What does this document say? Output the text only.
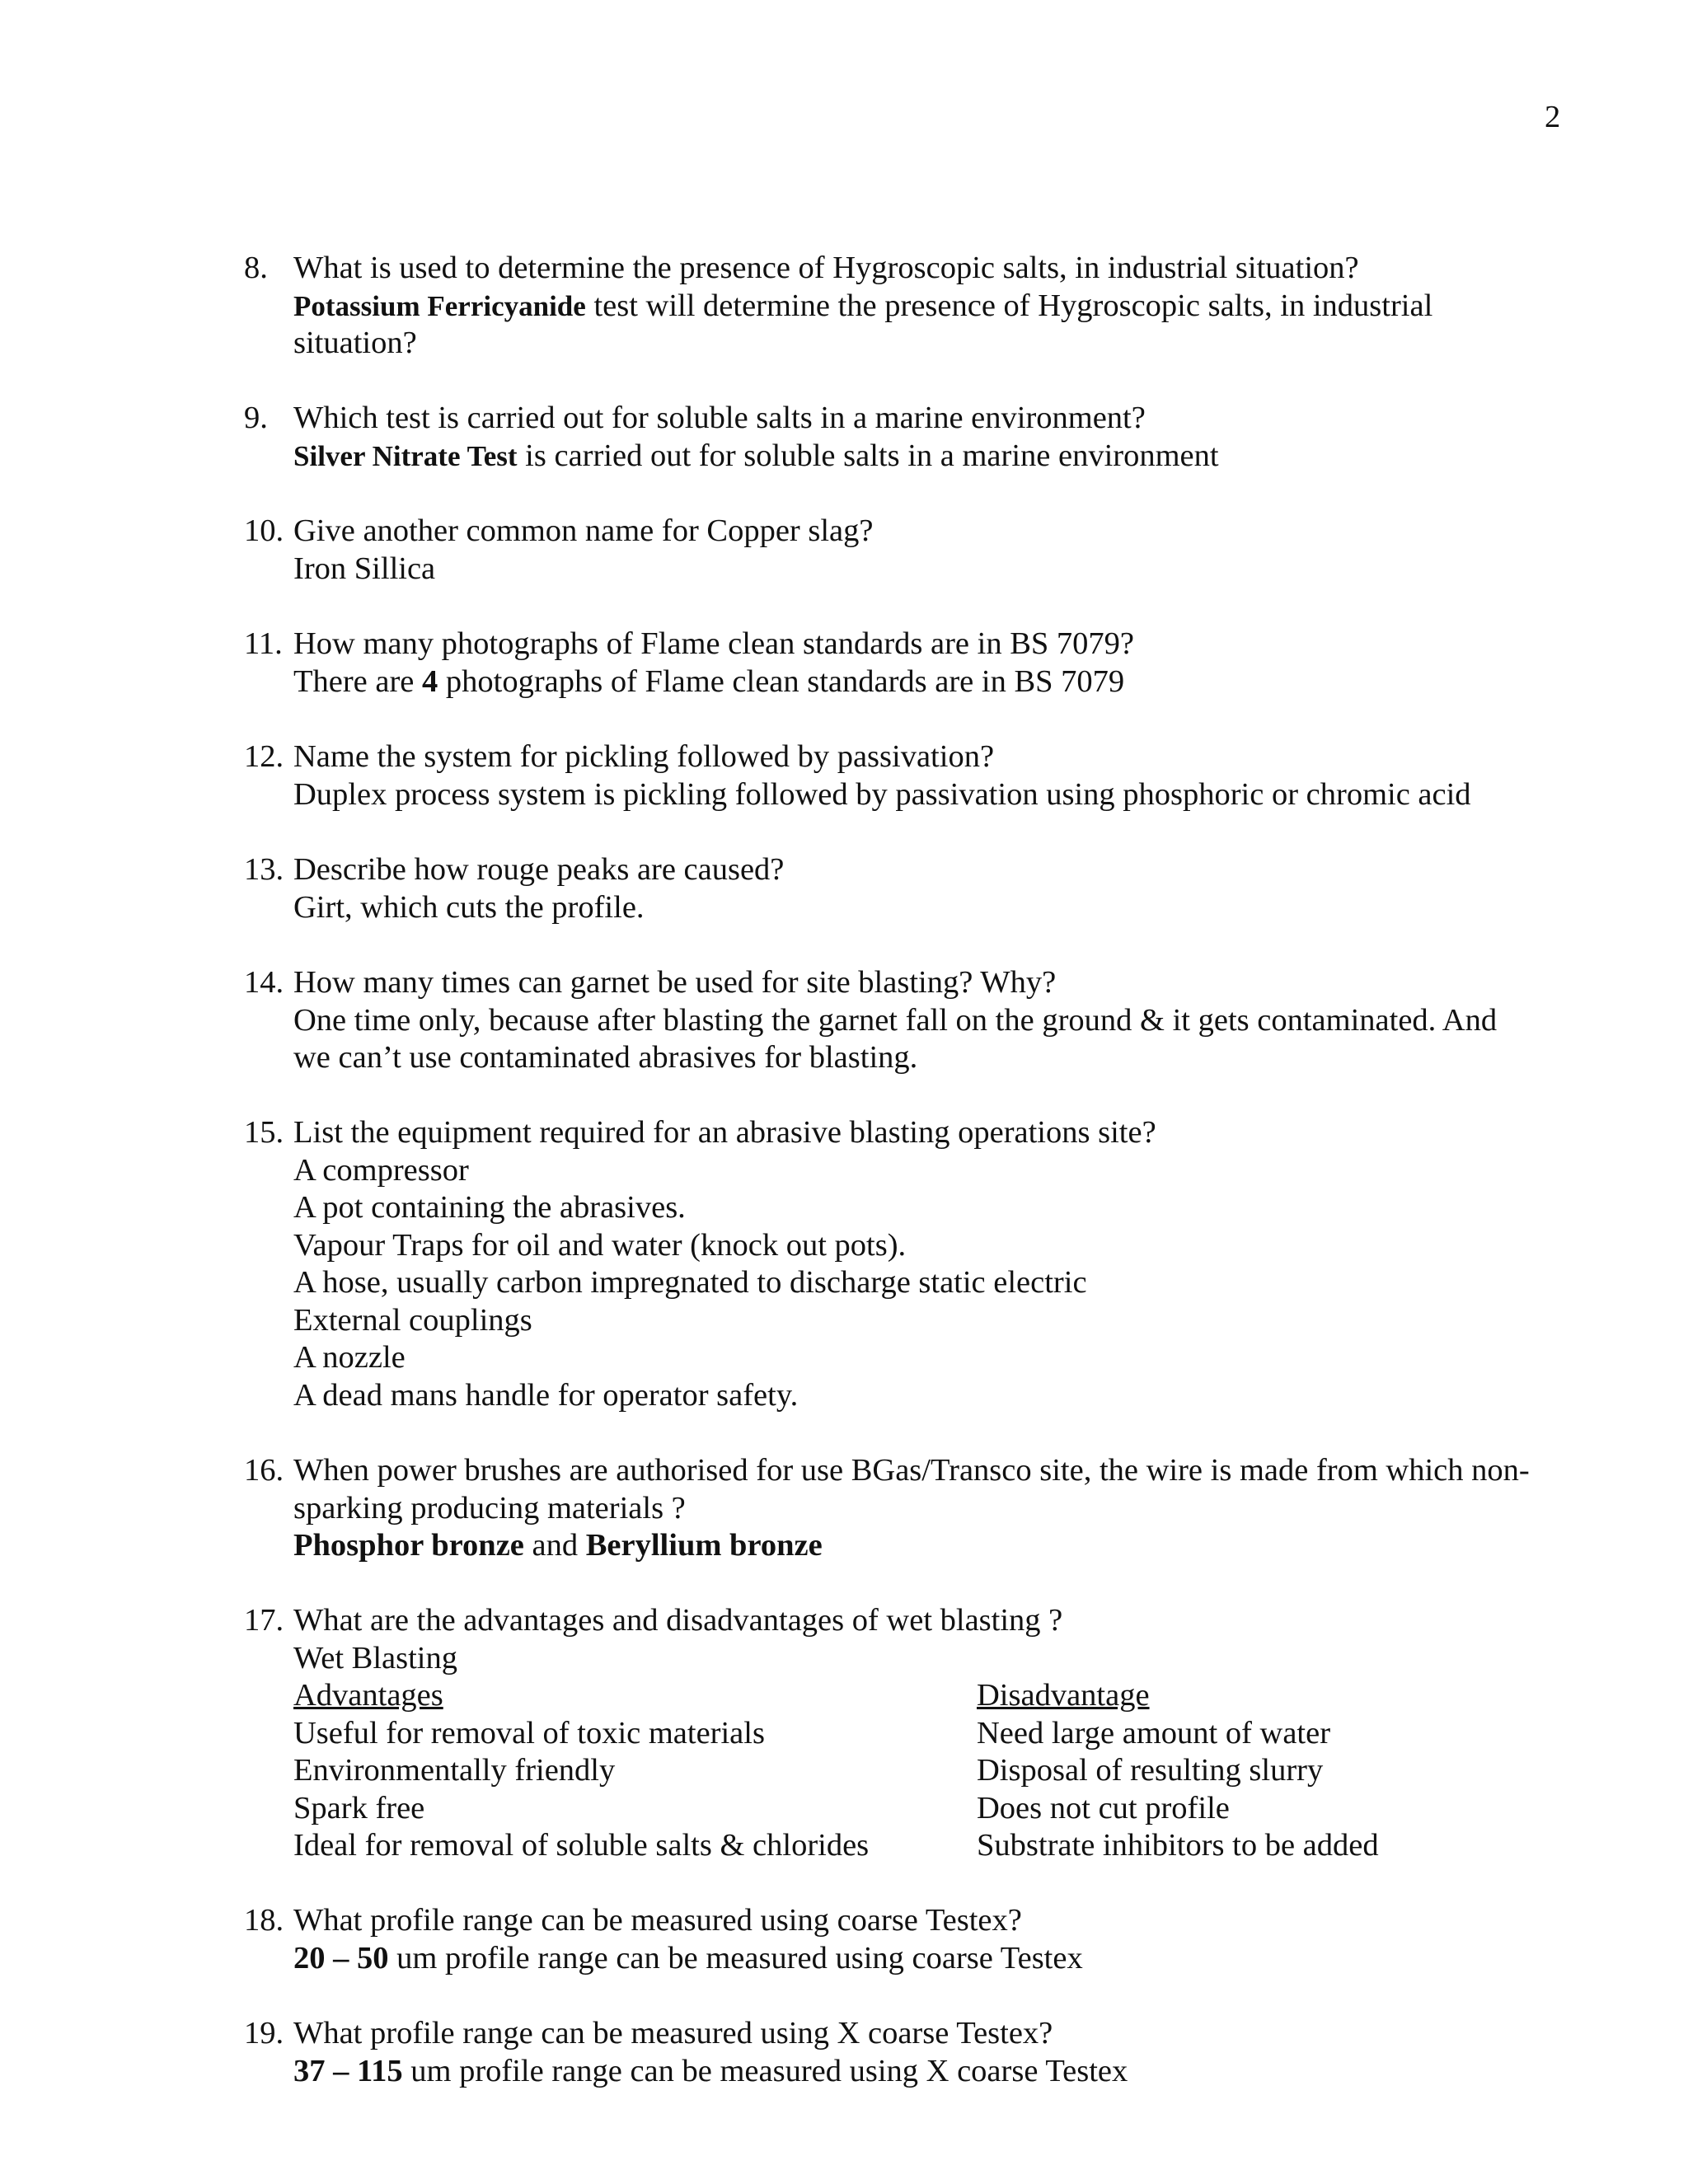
2
8. What is used to determine the presence of Hygroscopic salts, in industrial situation?
Potassium Ferricyanide test will determine the presence of Hygroscopic salts, in industrial
situation?
9. Which test is carried out for soluble salts in a marine environment?
Silver Nitrate Test is carried out for soluble salts in a marine environment
10. Give another common name for Copper slag?
Iron Sillica
11. How many photographs of Flame clean standards are in BS 7079?
There are 4 photographs of Flame clean standards are in BS 7079
12. Name the system for pickling followed by passivation?
Duplex process system is pickling followed by passivation using phosphoric or chromic acid
13. Describe how rouge peaks are caused?
Girt, which cuts the profile.
14. How many times can garnet be used for site blasting? Why?
One time only, because after blasting the garnet fall on the ground & it gets contaminated. And
we can’t use contaminated abrasives for blasting.
15. List the equipment required for an abrasive blasting operations site?
A compressor
A pot containing the abrasives.
Vapour Traps for oil and water (knock out pots).
A hose, usually carbon impregnated to discharge static electric
External couplings
A nozzle
A dead mans handle for operator safety.
16. When power brushes are authorised for use BGas/Transco site, the wire is made from which non-
sparking producing materials ?
Phosphor bronze and Beryllium bronze
17. What are the advantages and disadvantages of wet blasting ?
Wet Blasting
Advantages
Useful for removal of toxic materials
Environmentally friendly
Spark free
Ideal for removal of soluble salts & chlorides
Disadvantage
Need large amount of water
Disposal of resulting slurry
Does not cut profile
Substrate inhibitors to be added
18. What profile range can be measured using coarse Testex?
20 – 50 um profile range can be measured using coarse Testex
19. What profile range can be measured using X coarse Testex?
37 – 115 um profile range can be measured using X coarse Testex
